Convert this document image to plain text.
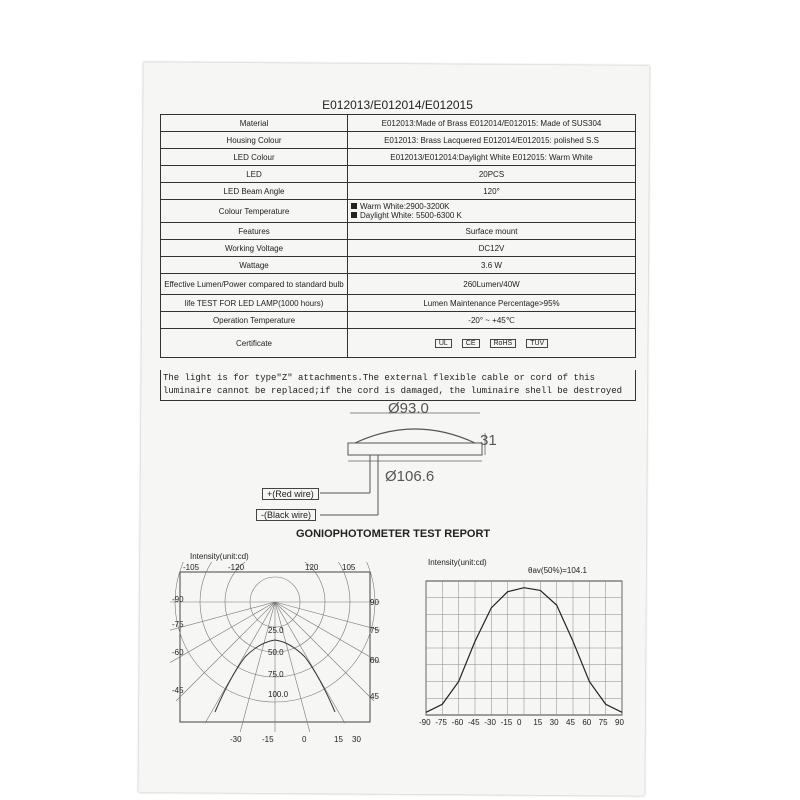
E012013/E012014/E012015
Material	E012013:Made of Brass E012014/E012015: Made of SUS304
Housing Colour	E012013: Brass Lacquered E012014/E012015: polished S.S
LED Colour	E012013/E012014:Daylight White E012015: Warm White
LED	20PCS
LED Beam Angle	120°
Colour Temperature	Warm White:2900-3200K
Daylight White: 5500-6300 K

Features	Surface mount
Working Voltage	DC12V
Wattage	3.6 W
Effective Lumen/Power compared to standard bulb	260Lumen/40W
life TEST FOR LED LAMP(1000 hours)	Lumen Maintenance Percentage>95%
Operation Temperature	-20° ~ +45℃
Certificate	UL CE RoHS TUV
The light is for type"Z" attachments.The external flexible cable or cord of this luminaire cannot be replaced;if the cord is damaged, the luminaire shell be destroyed
Ø93.0
31
Ø106.6
+(Red wire)
-(Black wire)
GONIOPHOTOMETER TEST REPORT
Intensity(unit:cd)
-105	-120	120	105
-90
-75
-60
-45
90
75
60
45
25.0
50.0
75.0
100.0
-30	-15	0	15 30
Intensity(unit:cd)
θav(50%)=104.1
-90 -75 -60 -45 -30 -15 0 15 30 45 60 75 90
